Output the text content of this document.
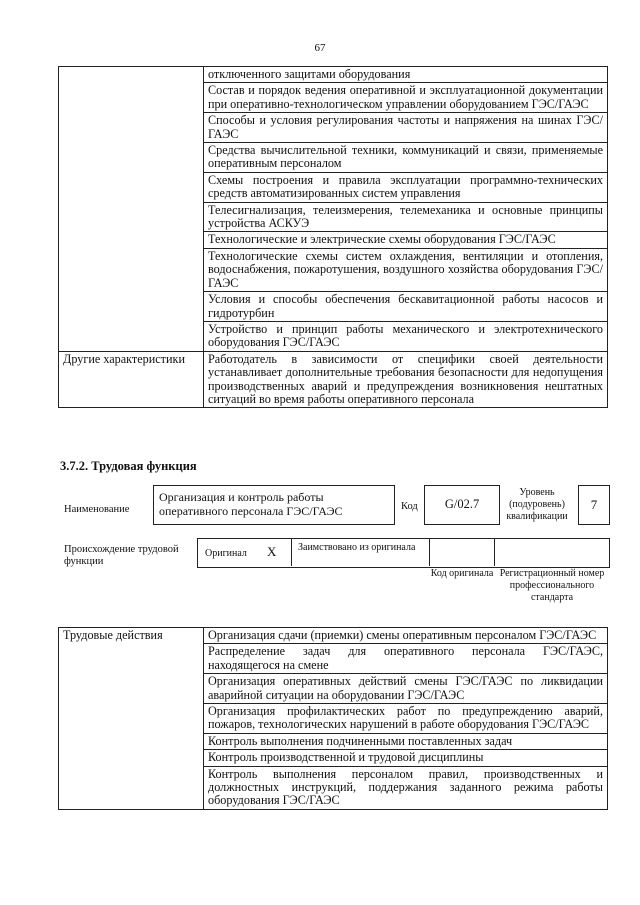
67
	отключенного защитами оборудования
	Состав и порядок ведения оперативной и эксплуатационной документации при оперативно-технологическом управлении оборудованием ГЭС/ГАЭС
	Способы и условия регулирования частоты и напряжения на шинах ГЭС/ГАЭС
	Средства вычислительной техники, коммуникаций и связи, применяемые оперативным персоналом
	Схемы построения и правила эксплуатации программно-технических средств автоматизированных систем управления
	Телесигнализация, телеизмерения, телемеханика и основные принципы устройства АСКУЭ
	Технологические и электрические схемы оборудования ГЭС/ГАЭС
	Технологические схемы систем охлаждения, вентиляции и отопления, водоснабжения, пожаротушения, воздушного хозяйства оборудования ГЭС/ГАЭС
	Условия и способы обеспечения бескавитационной работы насосов и гидротурбин
	Устройство и принцип работы механического и электротехнического оборудования ГЭС/ГАЭС
Другие характеристики	Работодатель в зависимости от специфики своей деятельности устанавливает дополнительные требования безопасности для недопущения производственных аварий и предупреждения возникновения нештатных ситуаций во время работы оперативного персонала
3.7.2. Трудовая функция
Наименование
Организация и контроль работы оперативного персонала ГЭС/ГАЭС	Код	G/02.7
Уровень (подуровень) квалификации
7
Происхождение трудовой функции
Оригинал X Заимствовано из оригинала
Код оригинала Регистрационный номер профессионального стандарта
Трудовые действия	Организация сдачи (приемки) смены оперативным персоналом ГЭС/ГАЭС
Распределение задач для оперативного персонала ГЭС/ГАЭС, находящегося на смене
Организация оперативных действий смены ГЭС/ГАЭС по ликвидации аварийной ситуации на оборудовании ГЭС/ГАЭС
Организация профилактических работ по предупреждению аварий, пожаров, технологических нарушений в работе оборудования ГЭС/ГАЭС
Контроль выполнения подчиненными поставленных задач
Контроль производственной и трудовой дисциплины
Контроль выполнения персоналом правил, производственных и должностных инструкций, поддержания заданного режима работы оборудования ГЭС/ГАЭС
